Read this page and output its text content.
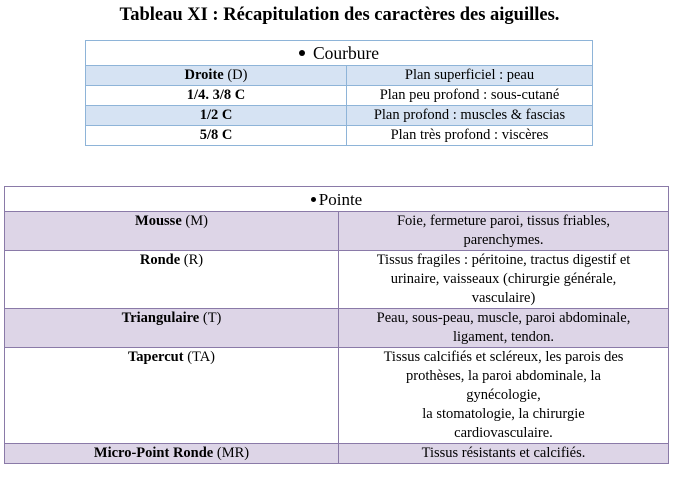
Tableau XI : Récapitulation des caractères des aiguilles.
Courbure	
Droite (D)	Plan superficiel : peau
1/4. 3/8 C	Plan peu profond : sous-cutané
1/2 C	Plan profond : muscles & fascias
5/8 C	Plan très profond : viscères
Pointe	
Mousse (M)	Foie, fermeture paroi, tissus friables,
parenchymes.

Ronde (R)	Tissus fragiles : péritoine, tractus digestif et
urinaire, vaisseaux (chirurgie générale,
vasculaire)

Triangulaire (T)	Peau, sous-peau, muscle, paroi abdominale,
ligament, tendon.

Tapercut (TA)	Tissus calcifiés et scléreux, les parois des
prothèses, la paroi abdominale, la
gynécologie,
la stomatologie, la chirurgie
cardiovasculaire.

Micro-Point Ronde (MR)	Tissus résistants et calcifiés.
